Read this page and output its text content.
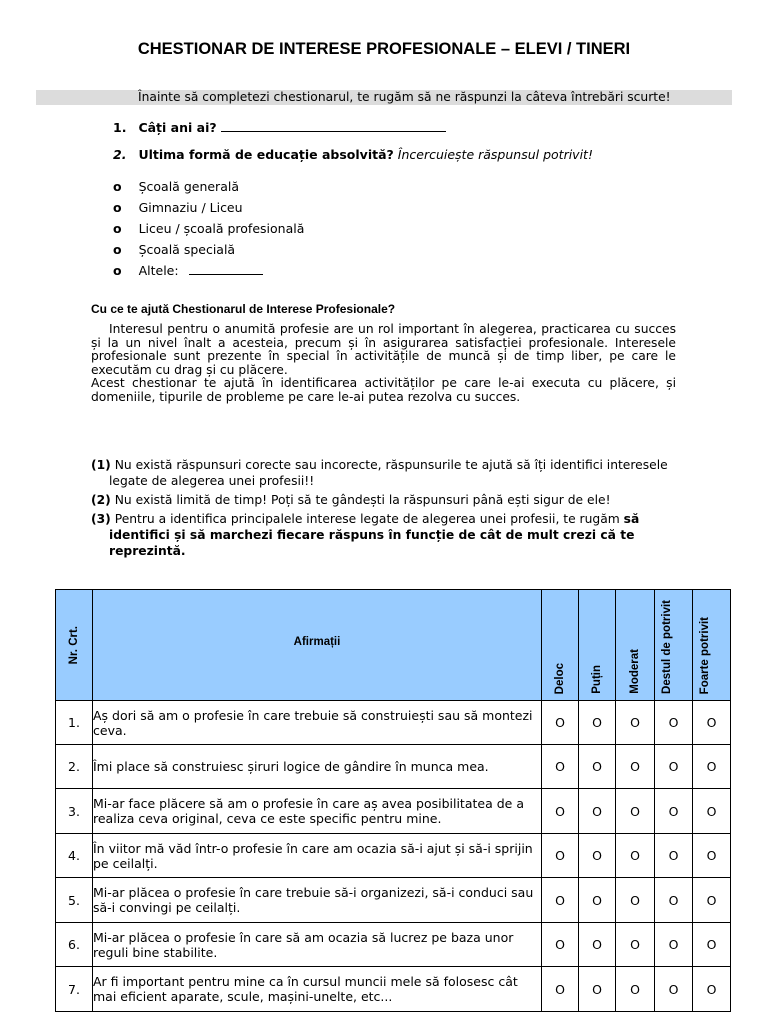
CHESTIONAR DE INTERESE PROFESIONALE – ELEVI / TINERI
Înainte să completezi chestionarul, te rugăm să ne răspunzi la câteva întrebări scurte!
1. Câți ani ai?
2. Ultima formă de educație absolvită? Încercuiește răspunsul potrivit!
o Școală generală
o Gimnaziu / Liceu
o Liceu / școală profesională
o Școală specială
o Altele:
Cu ce te ajută Chestionarul de Interese Profesionale?
Interesul pentru o anumită profesie are un rol important în alegerea, practicarea cu succes și la un nivel înalt a acesteia, precum și în asigurarea satisfacției profesionale. Interesele profesionale sunt prezente în special în activitățile de muncă și de timp liber, pe care le executăm cu drag și cu plăcere.
Acest chestionar te ajută în identificarea activităților pe care le-ai executa cu plăcere, și domeniile, tipurile de probleme pe care le-ai putea rezolva cu succes.
(1) Nu există răspunsuri corecte sau incorecte, răspunsurile te ajută să îți identifici interesele
legate de alegerea unei profesii!!
(2) Nu există limită de timp! Poți să te gândești la răspunsuri până ești sigur de ele!
(3) Pentru a identifica principalele interese legate de alegerea unei profesii, te rugăm să
identifici și să marchezi fiecare răspuns în funcție de cât de mult crezi că te
reprezintă.
Nr. Crt.	Afirmații	Deloc	Puțin	Moderat	Destul de potrivit	Foarte potrivit

1.	Aș dori să am o profesie în care trebuie să construiești sau să montezi ceva.	O	O	O	O	O
2.	Îmi place să construiesc șiruri logice de gândire în munca mea.	O	O	O	O	O
3.	Mi-ar face plăcere să am o profesie în care aș avea posibilitatea de a realiza ceva original, ceva ce este specific pentru mine.	O	O	O	O	O
4.	În viitor mă văd într-o profesie în care am ocazia să-i ajut și să-i sprijin pe ceilalți.	O	O	O	O	O
5.	Mi-ar plăcea o profesie în care trebuie să-i organizezi, să-i conduci sau să-i convingi pe ceilalți.	O	O	O	O	O
6.	Mi-ar plăcea o profesie în care să am ocazia să lucrez pe baza unor reguli bine stabilite.	O	O	O	O	O
7.	Ar fi important pentru mine ca în cursul muncii mele să folosesc cât mai eficient aparate, scule, mașini-unelte, etc...	O	O	O	O	O
